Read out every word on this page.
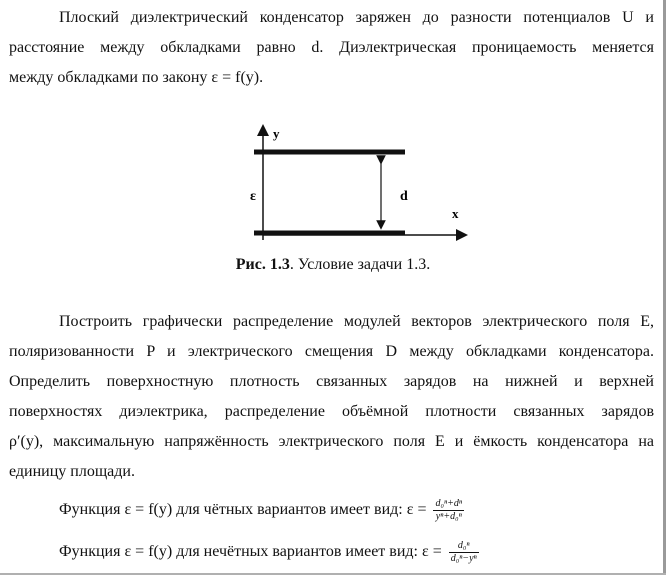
Плоский диэлектрический конденсатор заряжен до разности потенциалов U и
расстояние между обкладками равно d. Диэлектрическая проницаемость меняется
между обкладками по закону ε = f(y).
y
x
ε	d
Рис. 1.3. Условие задачи 1.3.
Построить графически распределение модулей векторов электрического поля E,
поляризованности P и электрического смещения D между обкладками конденсатора.
Определить поверхностную плотность связанных зарядов на нижней и верхней
поверхностях диэлектрика, распределение объёмной плотности связанных зарядов
ρ′(y), максимальную напряжённость электрического поля E и ёмкость конденсатора на
единицу площади.
Функция ε = f(y) для чётных вариантов имеет вид: $\varepsilon = \frac{\text{d₀ⁿ+dⁿ}}{\text{yⁿ+d₀ⁿ}}$
Функция ε = f(y) для нечётных вариантов имеет вид: $\varepsilon = \frac{\text{d₀ⁿ}}{\text{d₀ⁿ−yⁿ}}$
